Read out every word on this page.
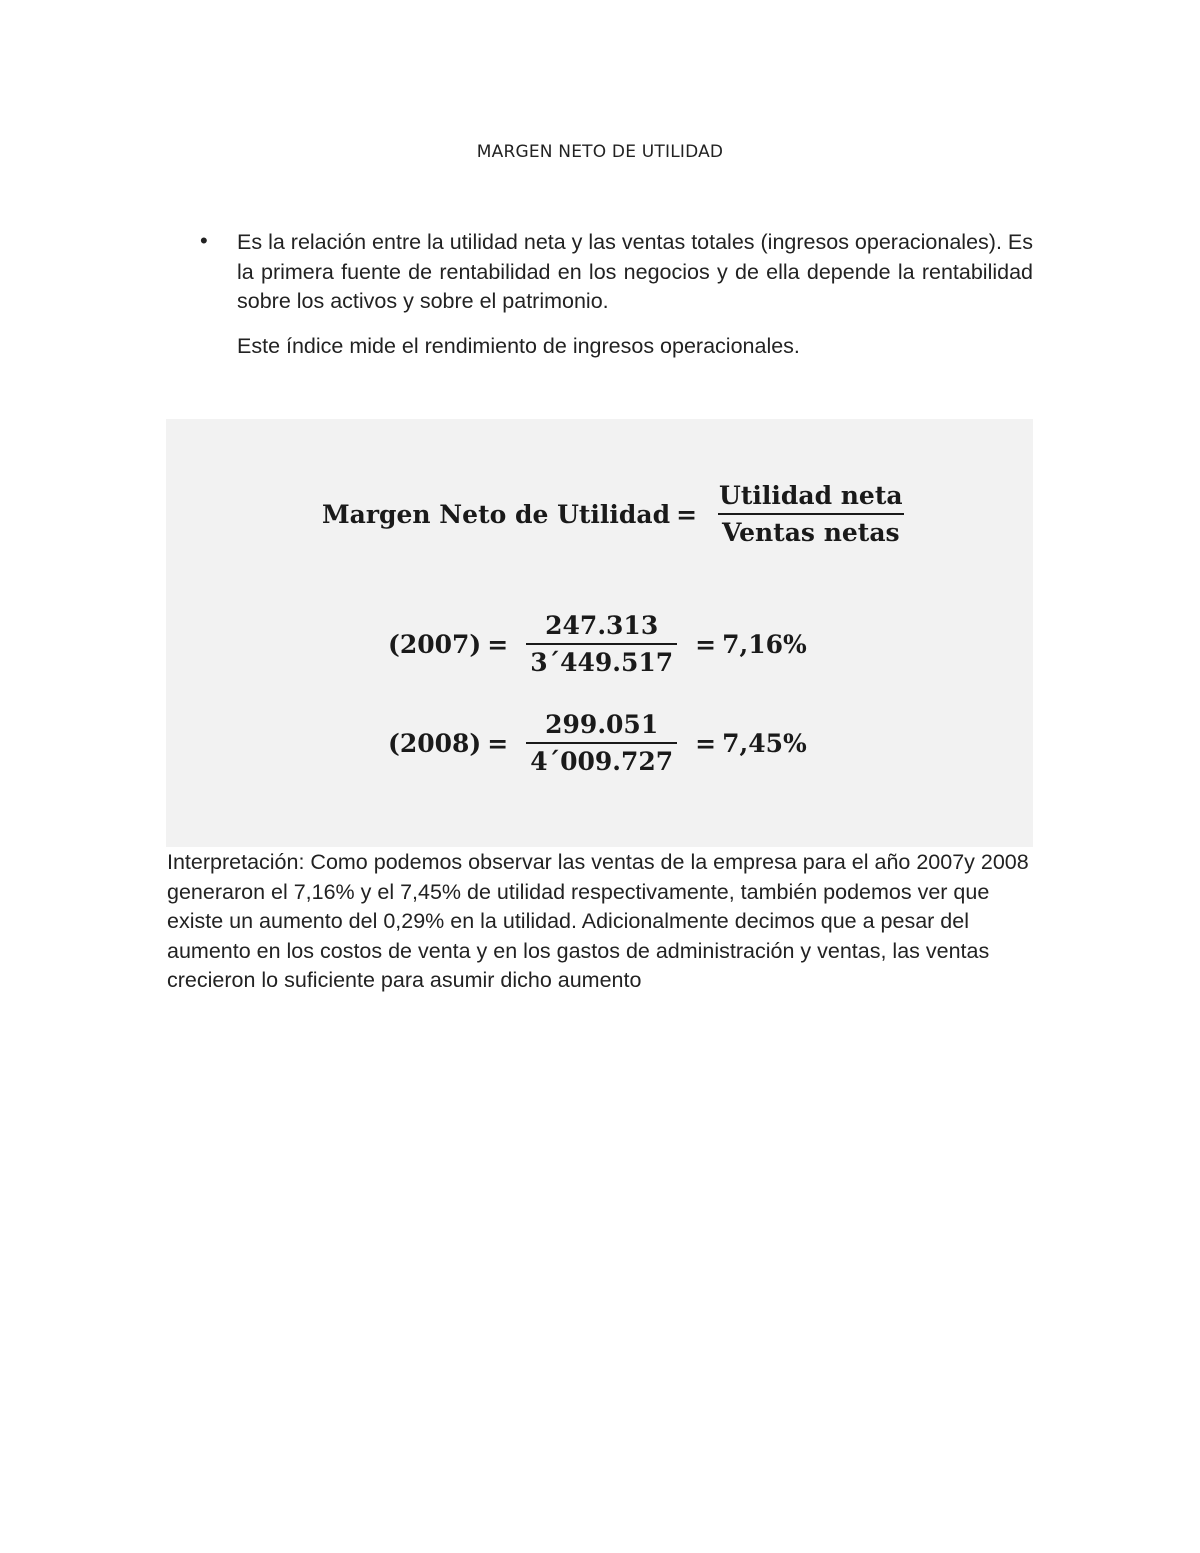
MARGEN NETO DE UTILIDAD
• Es la relación entre la utilidad neta y las ventas totales (ingresos operacionales). Es la primera fuente de rentabilidad en los negocios y de ella depende la rentabilidad sobre los activos y sobre el patrimonio.
Este índice mide el rendimiento de ingresos operacionales.
Margen Neto de Utilidad = $\frac{\text{Utilidad neta}}{\text{Ventas netas}}$
$(2007) = \frac{247.313}{3´449.517} = 7,16\%$
$(2008) = \frac{299.051}{4´009.727} = 7,45\%$
Interpretación: Como podemos observar las ventas de la empresa para el año 2007y 2008 generaron el 7,16% y el 7,45% de utilidad respectivamente, también podemos ver que existe un aumento del 0,29% en la utilidad. Adicionalmente decimos que a pesar del aumento en los costos de venta y en los gastos de administración y ventas, las ventas crecieron lo suficiente para asumir dicho aumento
